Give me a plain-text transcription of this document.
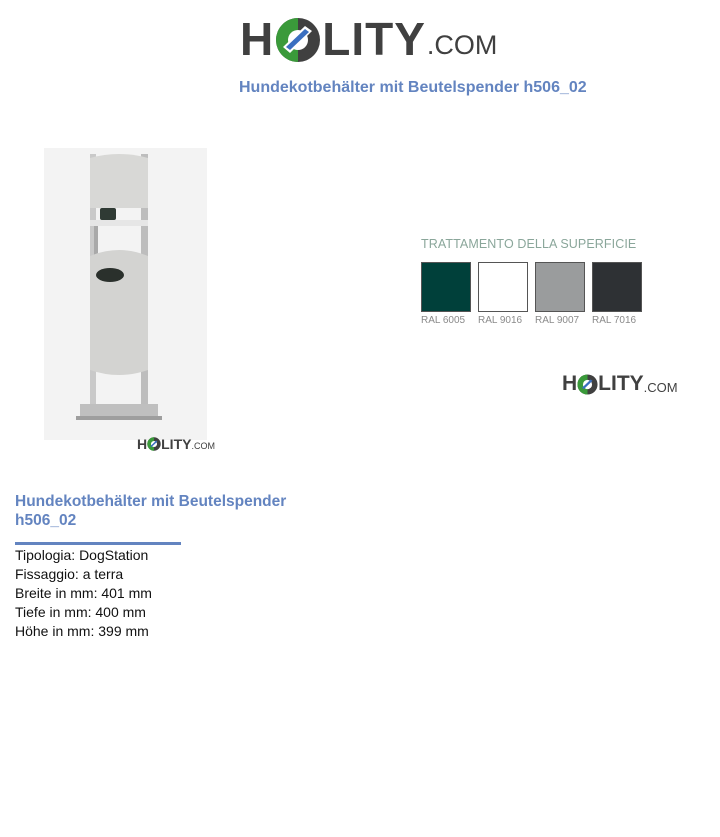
H LITY .COM
Hundekotbehälter mit Beutelspender h506_02
H LITY .COM

TRATTAMENTO DELLA SUPERFICIE

RAL 6005	RAL 9016	RAL 9007	RAL 7016
H LITY .COM
Hundekotbehälter mit Beutelspender h506_02
Tipologia: DogStation
Fissaggio: a terra
Breite in mm: 401 mm
Tiefe in mm: 400 mm
Höhe in mm: 399 mm
